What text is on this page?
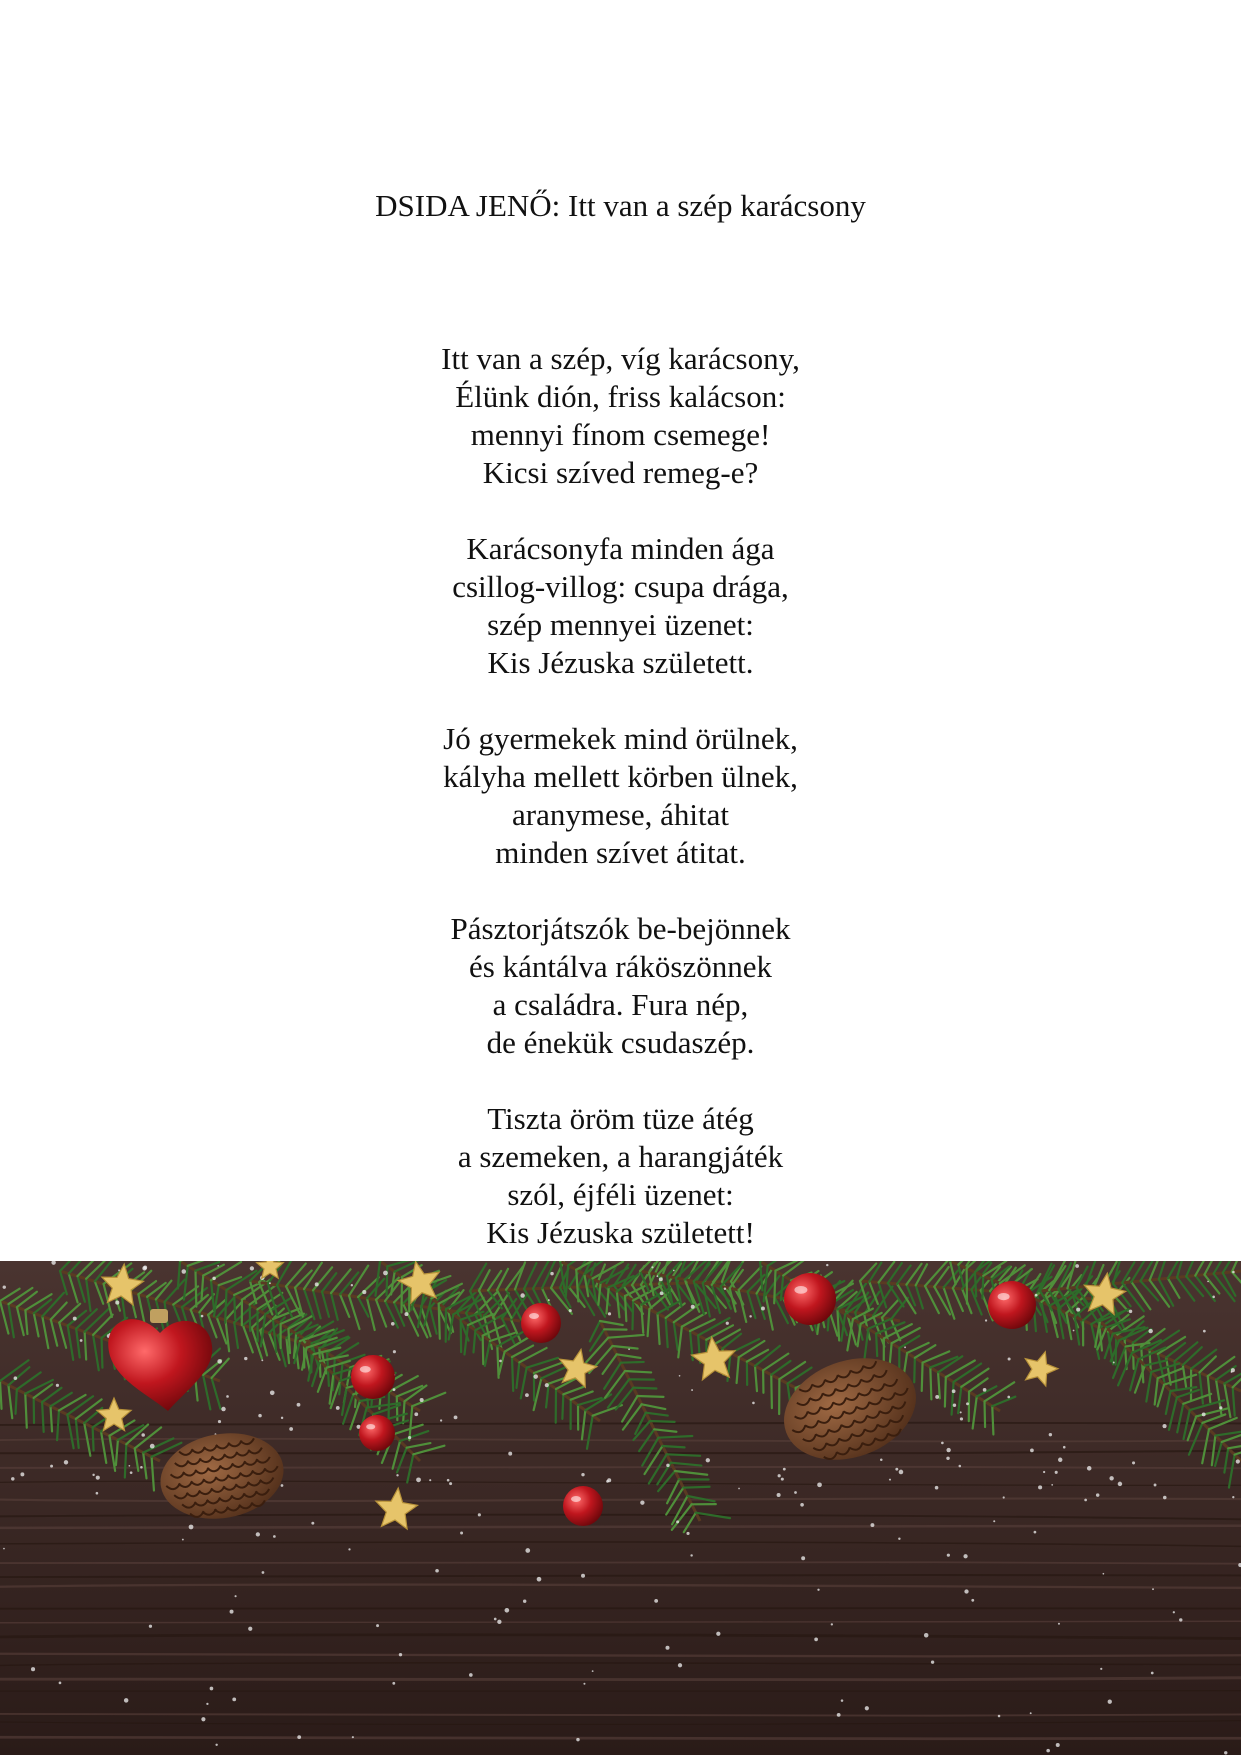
DSIDA JENŐ: Itt van a szép karácsony
Itt van a szép, víg karácsony,
Élünk dión, friss kalácson:
mennyi fínom csemege!
Kicsi szíved remeg-e?
Karácsonyfa minden ága
csillog-villog: csupa drága,
szép mennyei üzenet:
Kis Jézuska született.
Jó gyermekek mind örülnek,
kályha mellett körben ülnek,
aranymese, áhitat
minden szívet átitat.
Pásztorjátszók be-bejönnek
és kántálva ráköszönnek
a családra. Fura nép,
de énekük csudaszép.
Tiszta öröm tüze átég
a szemeken, a harangjáték
szól, éjféli üzenet:
Kis Jézuska született!
